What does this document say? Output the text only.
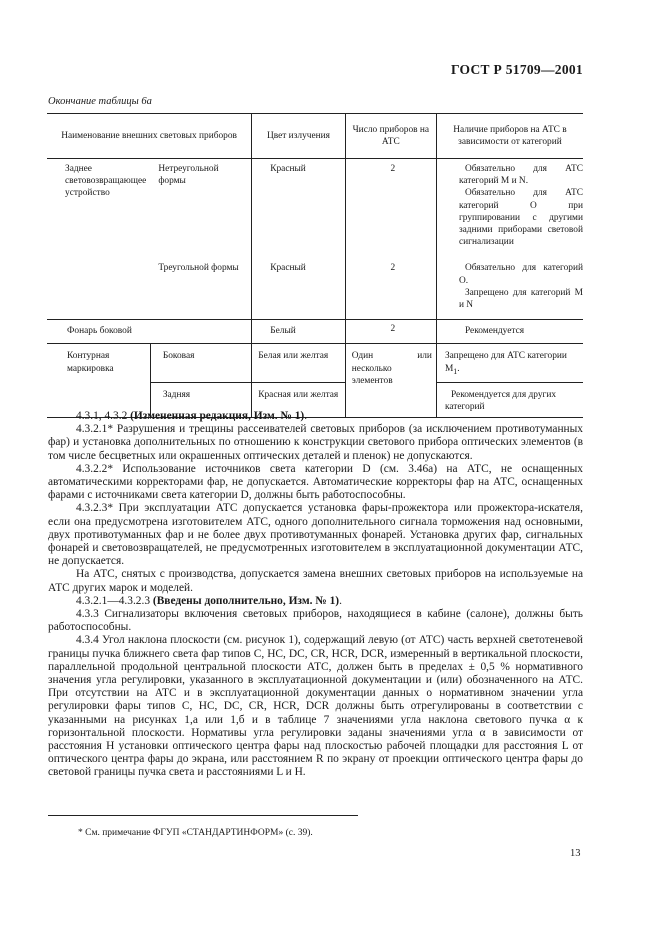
ГОСТ Р 51709—2001
Окончание таблицы 6а
Наименование внешних световых приборов		Цвет излучения	Число приборов на АТС	Наличие приборов на АТС в зависимости от категорий

Заднее световозвращающее устройство	Нетреугольной формы	Красный	2	Обязательно для АТС категорий М и N.
Обязательно для АТС категорий О при группировании с другими задними приборами световой сигнализации

	Треугольной формы	Красный	2	Обязательно для категорий О.
Запрещено для категорий М и N

Фонарь боковой		Белый	2	Рекомендуется

Контурная маркировка	Боковая	Белая или желтая	Один или несколько элементов	Запрещено для АТС категории $М_1$.

	Задняя	Красная или желтая		Рекомендуется для других категорий

4.3.1, 4.3.2 (Измененная редакция, Изм. № 1).

4.3.2.1* Разрушения и трещины рассеивателей световых приборов (за исключением противотуманных фар) и установка дополнительных по отношению к конструкции светового прибора оптических элементов (в том числе бесцветных или окрашенных оптических деталей и пленок) не допускаются.

4.3.2.2* Использование источников света категории D (см. 3.46а) на АТС, не оснащенных автоматическими корректорами фар, не допускается. Автоматические корректоры фар на АТС, оснащенных фарами с источниками света категории D, должны быть работоспособны.

4.3.2.3* При эксплуатации АТС допускается установка фары-прожектора или прожектора-искателя, если она предусмотрена изготовителем АТС, одного дополнительного сигнала торможения над основными, двух противотуманных фар и не более двух противотуманных фонарей. Установка других фар, сигнальных фонарей и световозвращателей, не предусмотренных изготовителем в эксплуатационной документации АТС, не допускается.

На АТС, снятых с производства, допускается замена внешних световых приборов на используемые на АТС других марок и моделей.

4.3.2.1—4.3.2.3 (Введены дополнительно, Изм. № 1).

4.3.3 Сигнализаторы включения световых приборов, находящиеся в кабине (салоне), должны быть работоспособны.

4.3.4 Угол наклона плоскости (см. рисунок 1), содержащий левую (от АТС) часть верхней светотеневой границы пучка ближнего света фар типов С, НС, DC, CR, HCR, DCR, измеренный в вертикальной плоскости, параллельной продольной центральной плоскости АТС, должен быть в пределах ± 0,5 % нормативного значения угла регулировки, указанного в эксплуатационной документации и (или) обозначенного на АТС. При отсутствии на АТС и в эксплуатационной документации данных о нормативном значении угла регулировки фары типов С, НС, DC, CR, HCR, DCR должны быть отрегулированы в соответствии с указанными на рисунках 1,а или 1,б и в таблице 7 значениями угла наклона светового пучка α к горизонтальной плоскости. Нормативы угла регулировки заданы значениями угла α в зависимости от расстояния H установки оптического центра фары над плоскостью рабочей площадки для расстояния L от оптического центра фары до экрана, или расстоянием R по экрану от проекции оптического центра фары до световой границы пучка света и расстояниями L и H.

* См. примечание ФГУП «СТАНДАРТИНФОРМ» (с. 39).
13
